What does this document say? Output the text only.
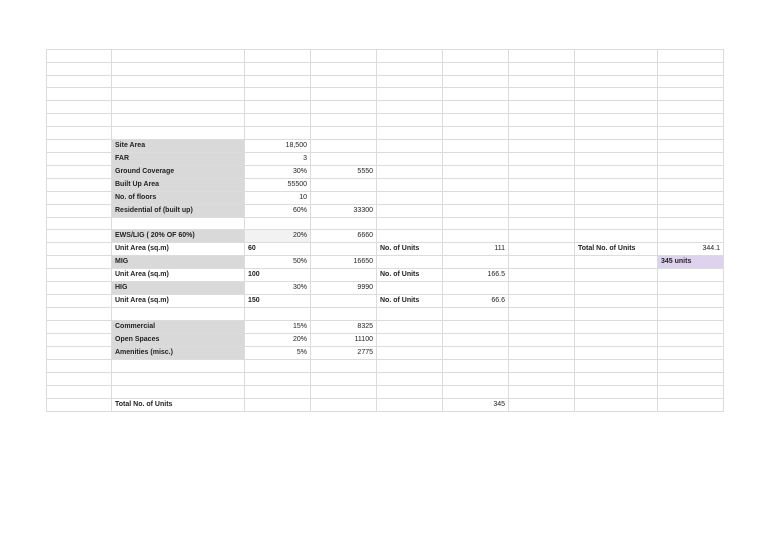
	Site Area	18,500						
	FAR	3						
	Ground Coverage	30%	5550					
	Built Up Area	55500						
	No. of floors	10						
	Residential of (built up)	60%	33300					

	EWS/LIG ( 20% OF 60%)	20%	6660					
	Unit Area (sq.m)	60		No. of Units	111		Total No. of Units	344.1
	MIG	50%	16650					345 units
	Unit Area (sq.m)	100		No. of Units	166.5			
	HIG	30%	9990					
	Unit Area (sq.m)	150		No. of Units	66.6			

	Commercial	15%	8325					
	Open Spaces	20%	11100					
	Amenities (misc.)	5%	2775					

	Total No. of Units				345			
